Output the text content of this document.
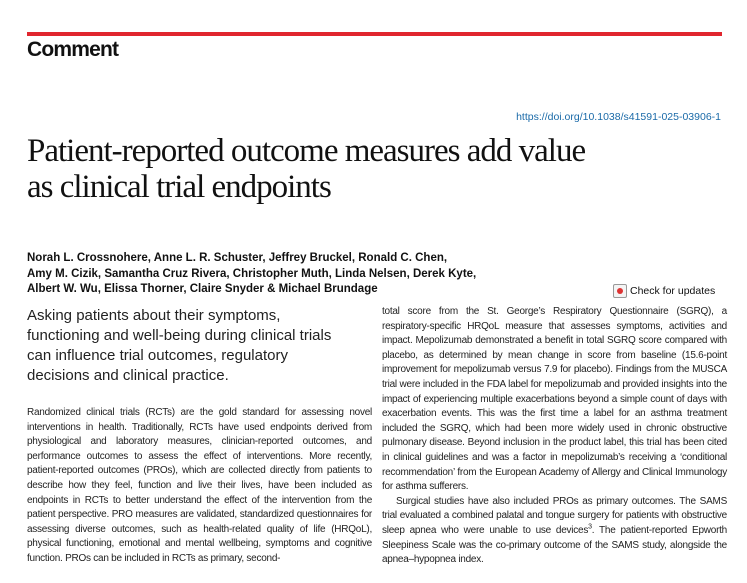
Comment
https://doi.org/10.1038/s41591-025-03906-1
Patient-reported outcome measures add value
as clinical trial endpoints
Norah L. Crossnohere, Anne L. R. Schuster, Jeffrey Bruckel, Ronald C. Chen,
Amy M. Cizik, Samantha Cruz Rivera, Christopher Muth, Linda Nelsen, Derek Kyte,
Albert W. Wu, Elissa Thorner, Claire Snyder & Michael Brundage	Check for updates
Asking patients about their symptoms, functioning and well-being during clinical trials can influence trial outcomes, regulatory decisions and clinical practice.

Randomized clinical trials (RCTs) are the gold standard for assessing novel interventions in health. Traditionally, RCTs have used endpoints derived from physiological and laboratory measures, clinician-reported outcomes, and performance outcomes to assess the effect of interventions. More recently, patient-reported outcomes (PROs), which are collected directly from patients to describe how they feel, function and live their lives, have been included as endpoints in RCTs to better understand the effect of the intervention from the patient perspective. PRO measures are validated, standardized questionnaires for assessing diverse outcomes, such as health-related quality of life (HRQoL), physical functioning, emotional and mental wellbeing, symptoms and cognitive function. PROs can be included in RCTs as primary, second-

total score from the St. George’s Respiratory Questionnaire (SGRQ), a respiratory-specific HRQoL measure that assesses symptoms, activities and impact. Mepolizumab demonstrated a benefit in total SGRQ score compared with placebo, as determined by mean change in score from baseline (15.6-point improvement for mepolizumab versus 7.9 for placebo). Findings from the MUSCA trial were included in the FDA label for mepolizumab and provided insights into the impact of experiencing multiple exacerbations beyond a simple count of days with exacerbation events. This was the first time a label for an asthma treatment included the SGRQ, which had been more widely used in chronic obstructive pulmonary disease. Beyond inclusion in the product label, this trial has been cited in clinical guidelines and was a factor in mepolizumab’s receiving a ‘conditional recommendation’ from the European Academy of Allergy and Clinical Immunology for asthma sufferers.

Surgical studies have also included PROs as primary outcomes. The SAMS trial evaluated a combined palatal and tongue surgery for patients with obstructive sleep apnea who were unable to use devices$^3$. The patient-reported Epworth Sleepiness Scale was the co-primary outcome of the SAMS study, alongside the apnea–hypopnea index.
